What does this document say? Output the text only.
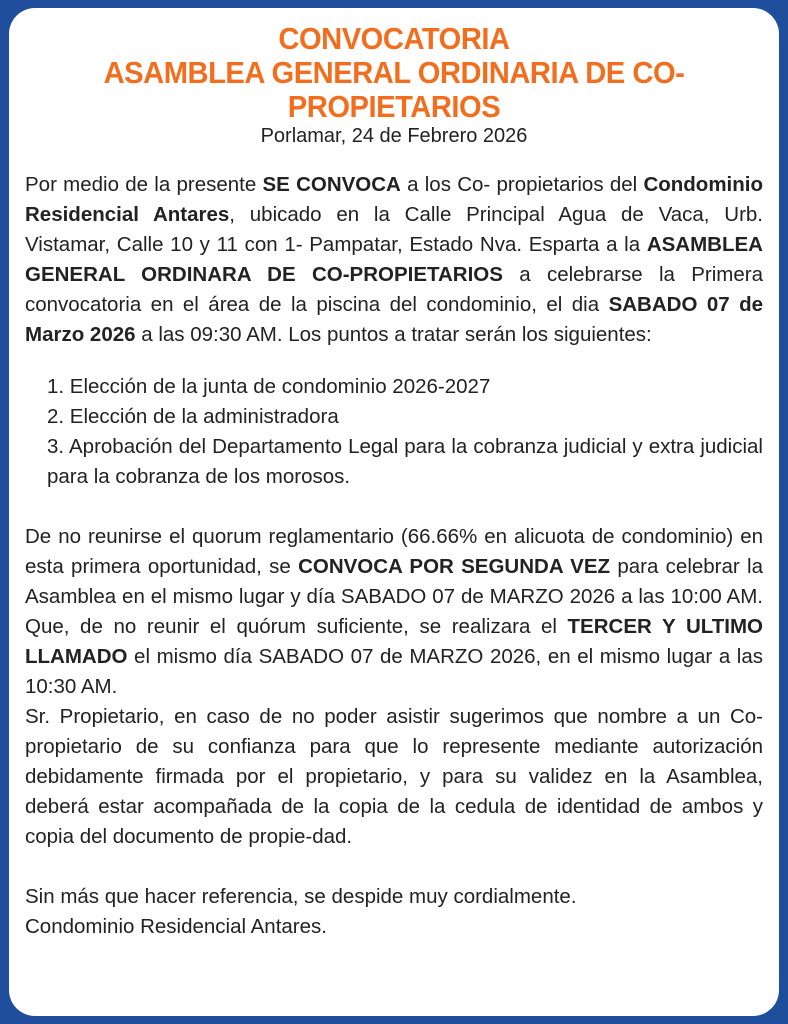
CONVOCATORIA
ASAMBLEA GENERAL ORDINARIA DE CO-PROPIETARIOS
Porlamar, 24 de Febrero 2026

Por medio de la presente SE CONVOCA a los Co- propietarios del Condominio Residencial Antares, ubicado en la Calle Principal Agua de Vaca, Urb. Vistamar, Calle 10 y 11 con 1- Pampatar, Estado Nva. Esparta a la ASAMBLEA GENERAL ORDINARA DE CO-PROPIETARIOS a celebrarse la Primera convocatoria en el área de la piscina del condominio, el dia SABADO 07 de Marzo 2026 a las 09:30 AM. Los puntos a tratar serán los siguientes:

1. Elección de la junta de condominio 2026-2027
2. Elección de la administradora
3. Aprobación del Departamento Legal para la cobranza judicial y extra judicial para la cobranza de los morosos.

De no reunirse el quorum reglamentario (66.66% en alicuota de condominio) en esta primera oportunidad, se CONVOCA POR SEGUNDA VEZ para celebrar la Asamblea en el mismo lugar y día SABADO 07 de MARZO 2026 a las 10:00 AM. Que, de no reunir el quórum suficiente, se realizara el TERCER Y ULTIMO LLAMADO el mismo día SABADO 07 de MARZO 2026, en el mismo lugar a las 10:30 AM.

Sr. Propietario, en caso de no poder asistir sugerimos que nombre a un Co-propietario de su confianza para que lo represente mediante autorización debidamente firmada por el propietario, y para su validez en la Asamblea, deberá estar acompañada de la copia de la cedula de identidad de ambos y copia del documento de propie-dad.

Sin más que hacer referencia, se despide muy cordialmente.

Condominio Residencial Antares.
